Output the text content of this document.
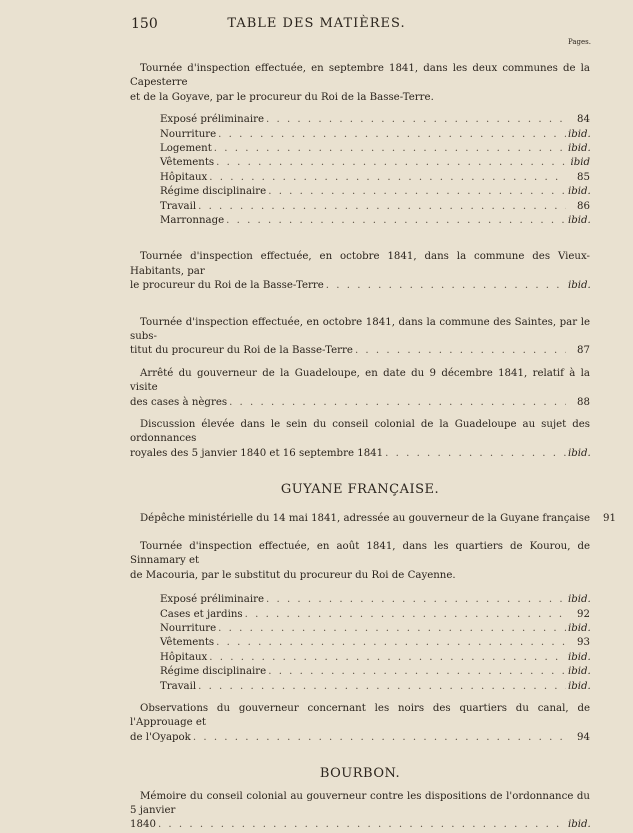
150	TABLE DES MATIÈRES.
Pages.

Tournée d'inspection effectuée, en septembre 1841, dans les deux communes de la Capesterre

et de la Goyave, par le procureur du Roi de la Basse-Terre.

Exposé préliminaire . . .	84
Nourriture . . .	ibid.
Logement . . .	ibid.
Vêtements . . .	ibid
Hôpitaux . . .	85
Régime disciplinaire . . .	ibid.
Travail . . .	86
Marronnage . . .	ibid.

Tournée d'inspection effectuée, en octobre 1841, dans la commune des Vieux-Habitants, par

le procureur du Roi de la Basse-Terre . . .	ibid.

Tournée d'inspection effectuée, en octobre 1841, dans la commune des Saintes, par le subs-

titut du procureur du Roi de la Basse-Terre . . .	87

Arrêté du gouverneur de la Guadeloupe, en date du 9 décembre 1841, relatif à la visite

des cases à nègres . . .	88

Discussion élevée dans le sein du conseil colonial de la Guadeloupe au sujet des ordonnances

royales des 5 janvier 1840 et 16 septembre 1841 . . .	ibid.

GUYANE FRANÇAISE.

Dépêche ministérielle du 14 mai 1841, adressée au gouverneur de la Guyane française	91

Tournée d'inspection effectuée, en août 1841, dans les quartiers de Kourou, de Sinnamary et

de Macouria, par le substitut du procureur du Roi de Cayenne.

Exposé préliminaire . . .	ibid.
Cases et jardins . . .	92
Nourriture . . .	ibid.
Vêtements . . .	93
Hôpitaux . . .	ibid.
Régime disciplinaire . . .	ibid.
Travail . . .	ibid.

Observations du gouverneur concernant les noirs des quartiers du canal, de l'Approuage et

de l'Oyapok . . .	94

BOURBON.

Mémoire du conseil colonial au gouverneur contre les dispositions de l'ordonnance du 5 janvier

1840 . . .	ibid.
